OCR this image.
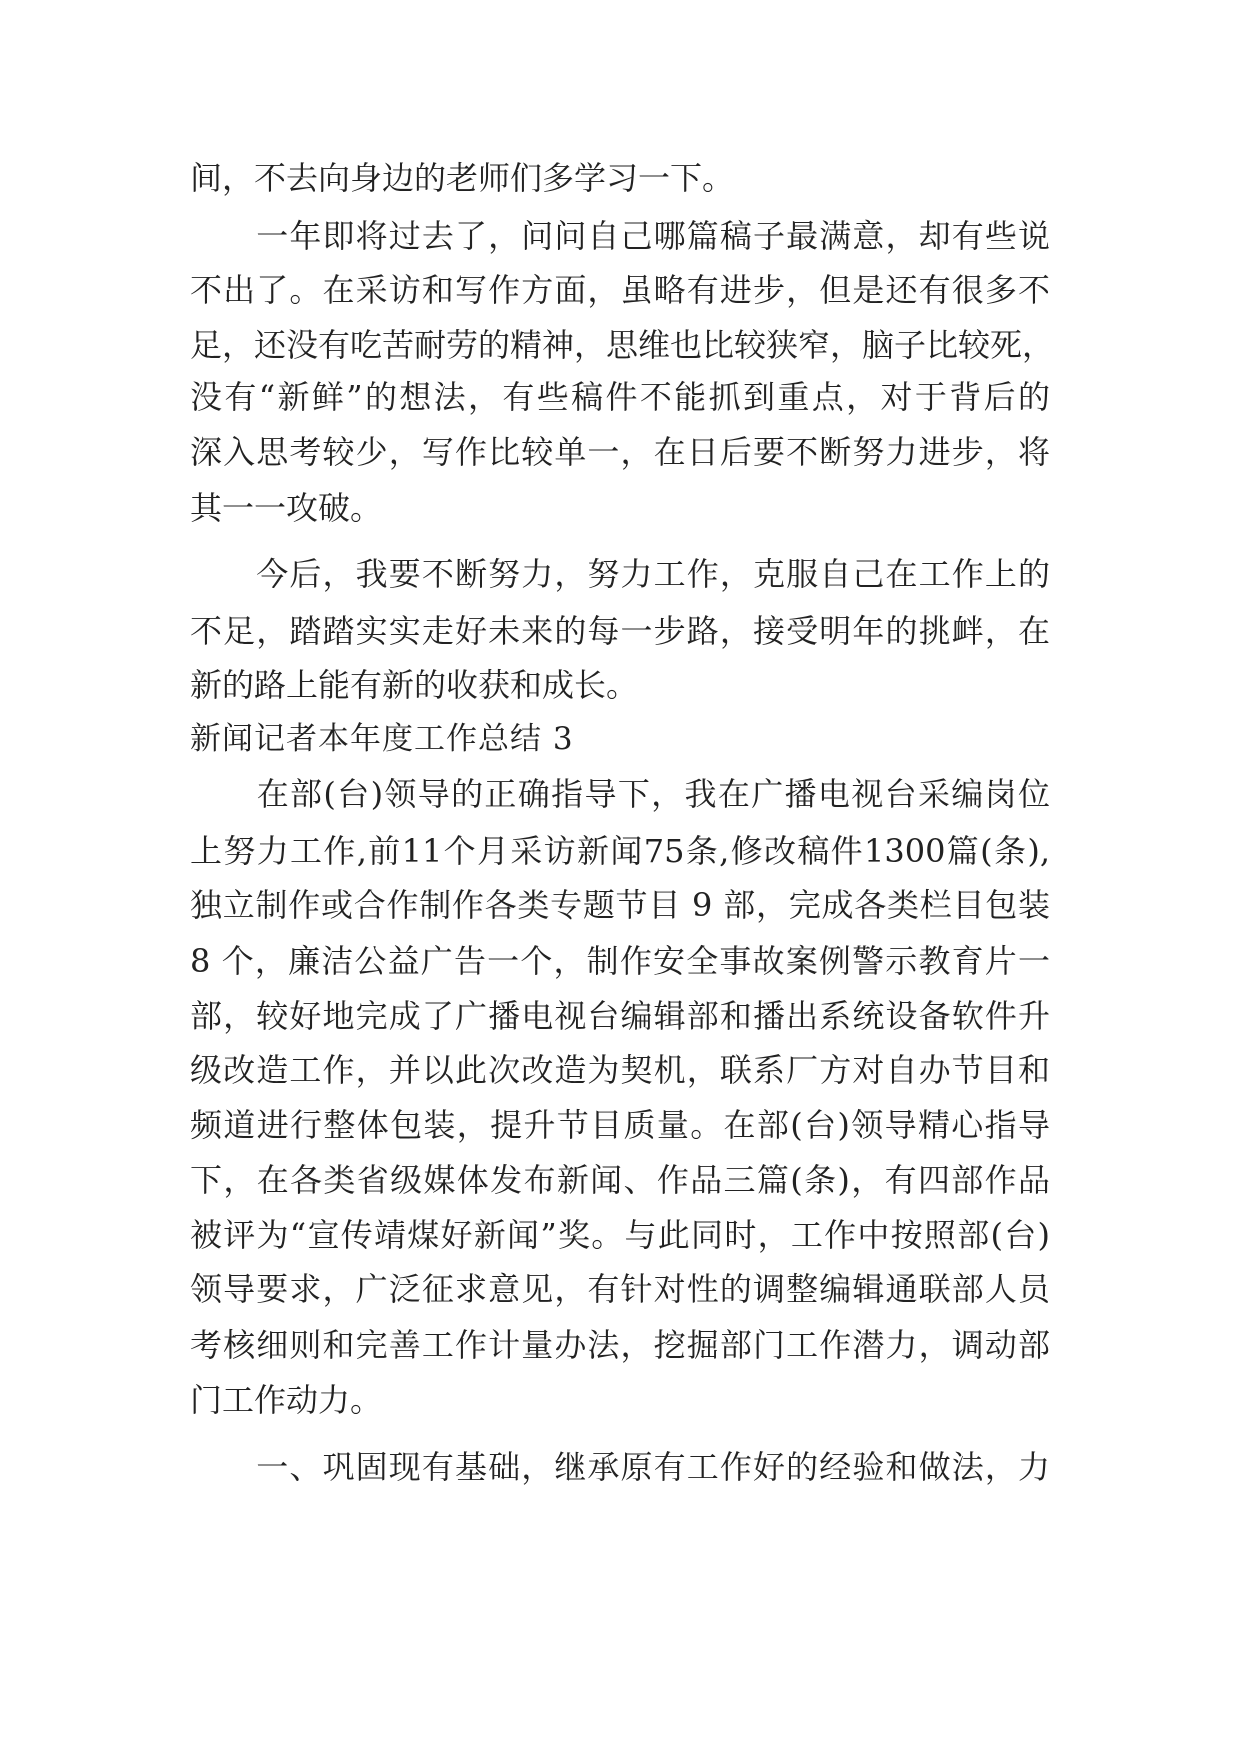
间，不去向身边的老师们多学习一下。
　　一年即将过去了，问问自己哪篇稿子最满意，却有些说
不出了。在采访和写作方面，虽略有进步，但是还有很多不
足，还没有吃苦耐劳的精神，思维也比较狭窄，脑子比较死，
没有“新鲜”的想法，有些稿件不能抓到重点，对于背后的
深入思考较少，写作比较单一，在日后要不断努力进步，将
其一一攻破。
　　今后，我要不断努力，努力工作，克服自己在工作上的
不足，踏踏实实走好未来的每一步路，接受明年的挑衅，在
新的路上能有新的收获和成长。
新闻记者本年度工作总结 3
　　在部(台)领导的正确指导下，我在广播电视台采编岗位
上努力工作,前11个月采访新闻75条,修改稿件1300篇(条),
独立制作或合作制作各类专题节目 9 部，完成各类栏目包装
8 个，廉洁公益广告一个，制作安全事故案例警示教育片一
部，较好地完成了广播电视台编辑部和播出系统设备软件升
级改造工作，并以此次改造为契机，联系厂方对自办节目和
频道进行整体包装，提升节目质量。在部(台)领导精心指导
下，在各类省级媒体发布新闻、作品三篇(条)，有四部作品
被评为“宣传靖煤好新闻”奖。与此同时，工作中按照部(台)
领导要求，广泛征求意见，有针对性的调整编辑通联部人员
考核细则和完善工作计量办法，挖掘部门工作潜力，调动部
门工作动力。
　　一、巩固现有基础，继承原有工作好的经验和做法，力
